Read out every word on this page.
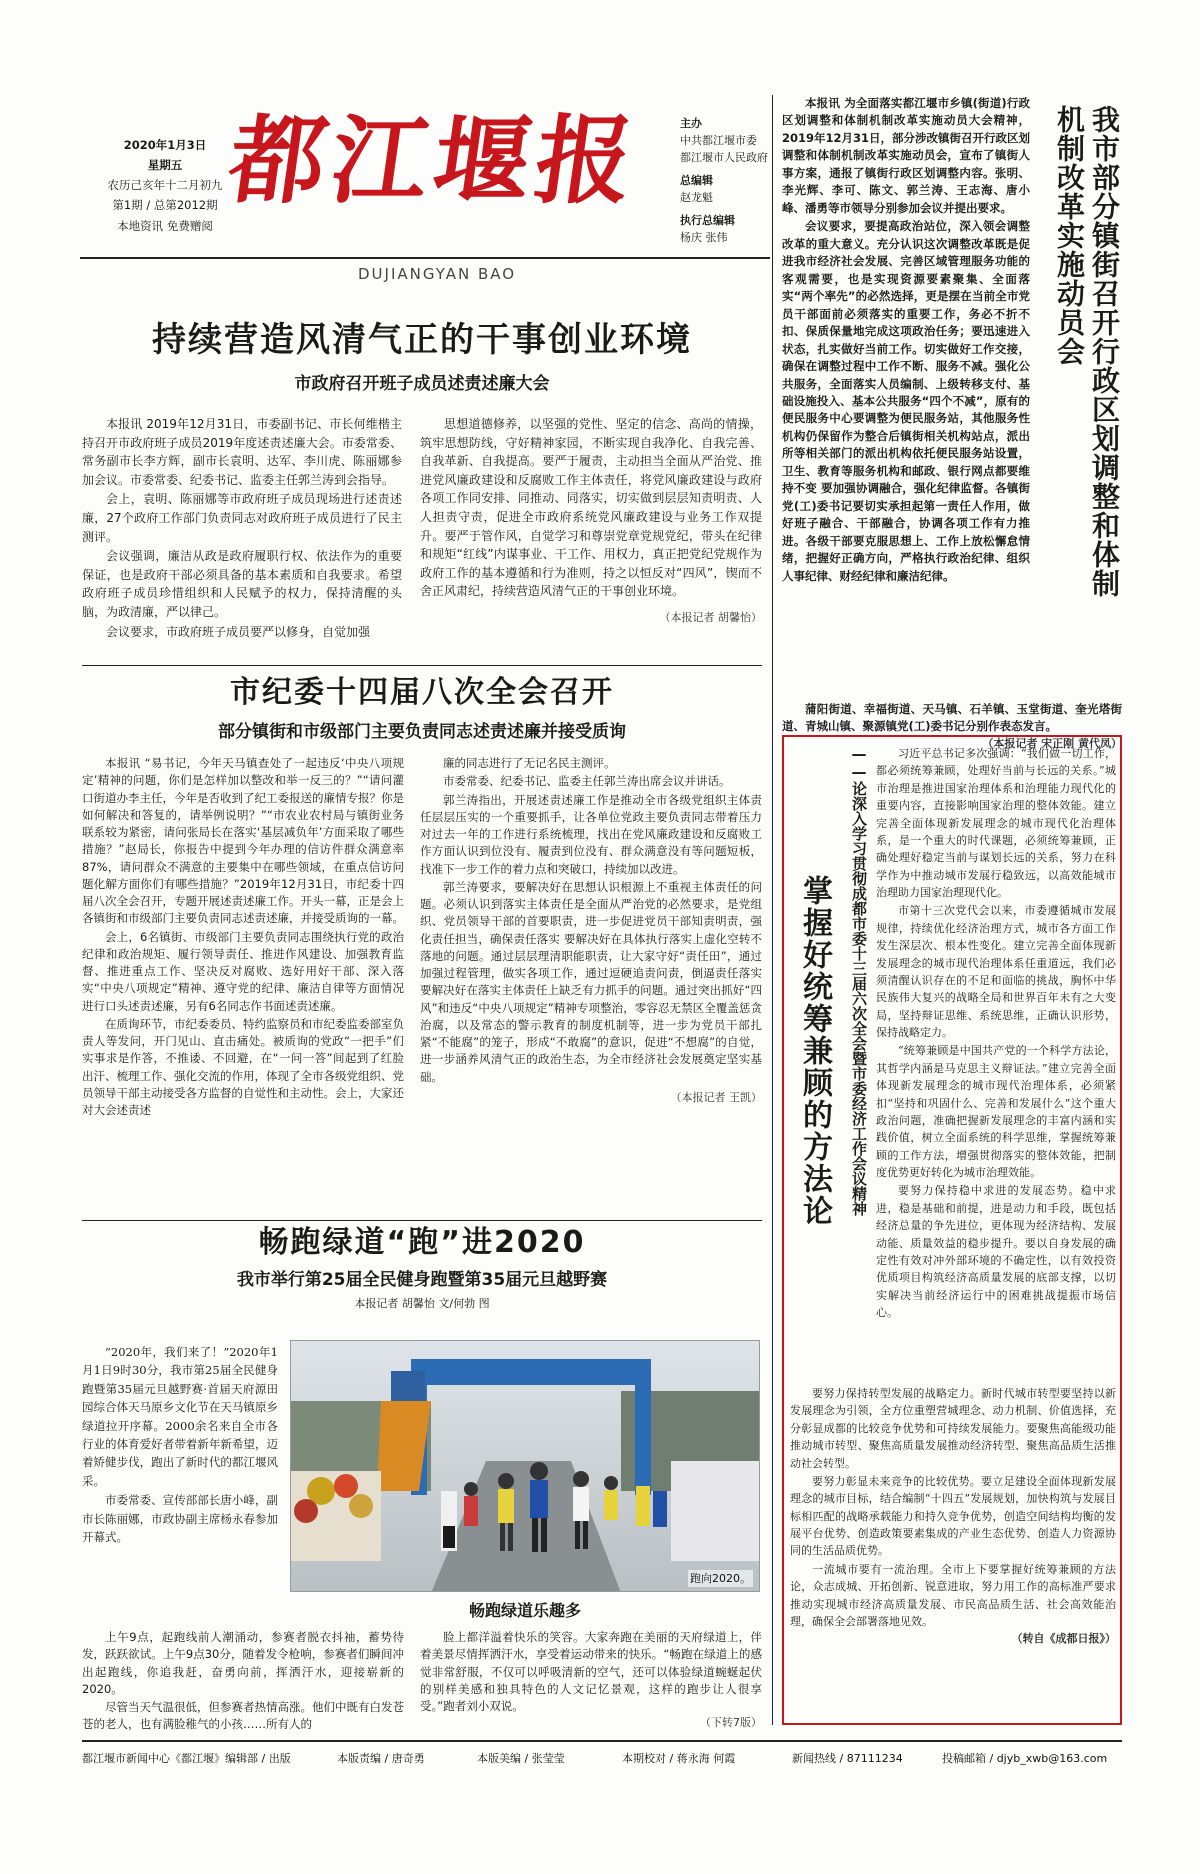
2020年1月3日
星期五
农历己亥年十二月初九
第1期 / 总第2012期
本地资讯 免费赠阅
都江堰报
DUJIANGYAN BAO
主办
中共都江堰市委
都江堰市人民政府
总编辑
赵龙魁
执行总编辑
杨庆 张伟
持续营造风清气正的干事创业环境
市政府召开班子成员述责述廉大会

本报讯 2019年12月31日，市委副书记、市长何维楷主持召开市政府班子成员2019年度述责述廉大会。市委常委、常务副市长李方辉，副市长袁明、达军、李川虎、陈丽娜参加会议。市委常委、纪委书记、监委主任郭兰涛到会指导。

会上，袁明、陈丽娜等市政府班子成员现场进行述责述廉，27个政府工作部门负责同志对政府班子成员进行了民主测评。

会议强调，廉洁从政是政府履职行权、依法作为的重要保证，也是政府干部必须具备的基本素质和自我要求。希望政府班子成员珍惜组织和人民赋予的权力，保持清醒的头脑，为政清廉，严以律己。

会议要求，市政府班子成员要严以修身，自觉加强

思想道德修养，以坚强的党性、坚定的信念、高尚的情操，筑牢思想防线，守好精神家园，不断实现自我净化、自我完善、自我革新、自我提高。要严于履责，主动担当全面从严治党、推进党风廉政建设和反腐败工作主体责任，将党风廉政建设与政府各项工作同安排、同推动、同落实，切实做到层层知责明责、人人担责守责，促进全市政府系统党风廉政建设与业务工作双提升。要严于管作风，自觉学习和尊崇党章党规党纪，带头在纪律和规矩“红线”内谋事业、干工作、用权力，真正把党纪党规作为政府工作的基本遵循和行为准则，持之以恒反对“四风”，锲而不舍正风肃纪，持续营造风清气正的干事创业环境。

（本报记者 胡馨怡）

市纪委十四届八次全会召开
部分镇街和市级部门主要负责同志述责述廉并接受质询

本报讯 “易书记，今年天马镇查处了一起违反‘中央八项规定’精神的问题，你们是怎样加以整改和举一反三的？”“请问灌口街道办李主任，今年是否收到了纪工委报送的廉情专报？你是如何解决和答复的，请举例说明？”“市农业农村局与镇街业务联系较为紧密，请问张局长在落实‘基层减负年’方面采取了哪些措施？”赵局长，你报告中提到今年办理的信访件群众满意率87%，请问群众不满意的主要集中在哪些领域，在重点信访问题化解方面你们有哪些措施？”2019年12月31日，市纪委十四届八次全会召开，专题开展述责述廉工作。开头一幕，正是会上各镇街和市级部门主要负责同志述责述廉，并接受质询的一幕。

会上，6名镇街、市级部门主要负责同志围绕执行党的政治纪律和政治规矩、履行领导责任、推进作风建设、加强教育监督、推进重点工作、坚决反对腐败、选好用好干部、深入落实“中央八项规定”精神、遵守党的纪律、廉洁自律等方面情况进行口头述责述廉，另有6名同志作书面述责述廉。

在质询环节，市纪委委员、特约监察员和市纪委监委部室负责人等发问，开门见山、直击痛处。被质询的党政“一把手”们实事求是作答，不推诿、不回避，在“一问一答”间起到了红脸出汗、梳理工作、强化交流的作用，体现了全市各级党组织、党员领导干部主动接受各方监督的自觉性和主动性。会上，大家还对大会述责述

廉的同志进行了无记名民主测评。

市委常委、纪委书记、监委主任郭兰涛出席会议并讲话。

郭兰涛指出，开展述责述廉工作是推动全市各级党组织主体责任层层压实的一个重要抓手，让各单位党政主要负责同志带着压力对过去一年的工作进行系统梳理，找出在党风廉政建设和反腐败工作方面认识到位没有、履责到位没有、群众满意没有等问题短板，找准下一步工作的着力点和突破口，持续加以改进。

郭兰涛要求，要解决好在思想认识根源上不重视主体责任的问题。必须认识到落实主体责任是全面从严治党的必然要求，是党组织、党员领导干部的首要职责，进一步促进党员干部知责明责，强化责任担当，确保责任落实 要解决好在具体执行落实上虚化空转不落地的问题。通过层层理清职能职责，让大家守好“责任田”，通过加强过程管理，做实各项工作，通过逗硬追责问责，倒逼责任落实 要解决好在落实主体责任上缺乏有力抓手的问题。通过突出抓好“四风”和违反“中央八项规定”精神专项整治，零容忍无禁区全覆盖惩贪治腐，以及常态的警示教育的制度机制等，进一步为党员干部扎紧“不能腐”的笼子，形成“不敢腐”的意识，促进“不想腐”的自觉，进一步涵养风清气正的政治生态，为全市经济社会发展奠定坚实基础。

（本报记者 王凯）

畅跑绿道“跑”进2020
我市举行第25届全民健身跑暨第35届元旦越野赛
本报记者 胡馨怡 文/何勃 图

“2020年，我们来了！”2020年1月1日9时30分，我市第25届全民健身跑暨第35届元旦越野赛·首届天府源田园综合体天马原乡文化节在天马镇原乡绿道拉开序幕。2000余名来自全市各行业的体育爱好者带着新年新希望，迈着矫健步伐，跑出了新时代的都江堰风采。

市委常委、宣传部部长唐小峰，副市长陈丽娜，市政协副主席杨永春参加开幕式。

跑向2020。
畅跑绿道乐趣多

上午9点，起跑线前人潮涌动，参赛者脱衣抖袖，蓄势待发，跃跃欲试。上午9点30分，随着发令枪响，参赛者们瞬间冲出起跑线，你追我赶，奋勇向前，挥洒汗水，迎接崭新的2020。

尽管当天气温很低，但参赛者热情高涨。他们中既有白发苍苍的老人，也有满脸稚气的小孩……所有人的

脸上都洋溢着快乐的笑容。大家奔跑在美丽的天府绿道上，伴着美景尽情挥洒汗水，享受着运动带来的快乐。“畅跑在绿道上的感觉非常舒服，不仅可以呼吸清新的空气，还可以体验绿道蜿蜒起伏的别样美感和独具特色的人文记忆景观，这样的跑步让人很享受。”跑者刘小双说。

（下转7版）

我市部分镇街召开行政区划调整和体制机制改革实施动员会

本报讯 为全面落实都江堰市乡镇(街道)行政区划调整和体制机制改革实施动员大会精神，2019年12月31日，部分涉改镇街召开行政区划调整和体制机制改革实施动员会，宣布了镇街人事方案，通报了镇街行政区划调整内容。张明、李光辉、李可、陈文、郭兰涛、王志海、唐小峰、潘勇等市领导分别参加会议并提出要求。

会议要求，要提高政治站位，深入领会调整改革的重大意义。充分认识这次调整改革既是促进我市经济社会发展、完善区域管理服务功能的客观需要，也是实现资源要素聚集、全面落实“两个率先”的必然选择，更是摆在当前全市党员干部面前必须落实的重要工作，务必不折不扣、保质保量地完成这项政治任务；要迅速进入状态，扎实做好当前工作。切实做好工作交接，确保在调整过程中工作不断、服务不减。强化公共服务，全面落实人员编制、上级转移支付、基础设施投入、基本公共服务“四个不减”，原有的便民服务中心要调整为便民服务站，其他服务性机构仍保留作为整合后镇街相关机构站点，派出所等相关部门的派出机构依托便民服务站设置，卫生、教育等服务机构和邮政、银行网点都要维持不变 要加强协调融合，强化纪律监督。各镇街党(工)委书记要切实承担起第一责任人作用，做好班子融合、干部融合，协调各项工作有力推进。各级干部要克服思想上、工作上放松懈怠情绪，把握好正确方向，严格执行政治纪律、组织人事纪律、财经纪律和廉洁纪律。

蒲阳街道、幸福街道、天马镇、石羊镇、玉堂街道、奎光塔街道、青城山镇、聚源镇党(工)委书记分别作表态发言。

（本报记者 宋正刚 黄代凤）

掌握好统筹兼顾的方法论	——论深入学习贯彻成都市委十三届六次全会暨市委经济工作会议精神	习近平总书记多次强调：“我们做一切工作，都必须统筹兼顾，处理好当前与长远的关系。”城市治理是推进国家治理体系和治理能力现代化的重要内容，直接影响国家治理的整体效能。建立完善全面体现新发展理念的城市现代化治理体系，是一个重大的时代课题，必须统筹兼顾，正确处理好稳定当前与谋划长远的关系，努力在科学作为中推动城市发展行稳致远，以高效能城市治理助力国家治理现代化。

市第十三次党代会以来，市委遵循城市发展规律，持续优化经济治理方式，城市各方面工作发生深层次、根本性变化。建立完善全面体现新发展理念的城市现代治理体系任重道远，我们必须清醒认识存在的不足和面临的挑战，胸怀中华民族伟大复兴的战略全局和世界百年未有之大变局，坚持辩证思维、系统思维，正确认识形势，保持战略定力。

“统筹兼顾是中国共产党的一个科学方法论，其哲学内涵是马克思主义辩证法。”建立完善全面体现新发展理念的城市现代治理体系，必须紧扣“坚持和巩固什么、完善和发展什么”这个重大政治问题，准确把握新发展理念的丰富内涵和实践价值，树立全面系统的科学思维，掌握统筹兼顾的工作方法，增强贯彻落实的整体效能，把制度优势更好转化为城市治理效能。

要努力保持稳中求进的发展态势。稳中求进，稳是基础和前提，进是动力和手段，既包括经济总量的争先进位，更体现为经济结构、发展动能、质量效益的稳步提升。要以自身发展的确定性有效对冲外部环境的不确定性，以有效投资优质项目构筑经济高质量发展的底部支撑，以切实解决当前经济运行中的困难挑战提振市场信心。

要努力保持转型发展的战略定力。新时代城市转型要坚持以新发展理念为引领，全方位重塑营城理念、动力机制、价值选择，充分彰显成都的比较竞争优势和可持续发展能力。要聚焦高能级功能推动城市转型、聚焦高质量发展推动经济转型、聚焦高品质生活推动社会转型。

要努力彰显未来竞争的比较优势。要立足建设全面体现新发展理念的城市目标，结合编制“十四五”发展规划，加快构筑与发展目标相匹配的战略承载能力和持久竞争优势，创造空间结构均衡的发展平台优势、创造政策要素集成的产业生态优势、创造人力资源协同的生活品质优势。

一流城市要有一流治理。全市上下要掌握好统筹兼顾的方法论，众志成城、开拓创新、锐意进取，努力用工作的高标准严要求推动实现城市经济高质量发展、市民高品质生活、社会高效能治理，确保全会部署落地见效。

（转自《成都日报》）

都江堰市新闻中心《都江堰》编辑部 / 出版	本版责编 / 唐奇勇	本版美编 / 张莹莹	本期校对 / 蒋永海 何霞	新闻热线 / 87111234	投稿邮箱 / djyb_xwb@163.com
